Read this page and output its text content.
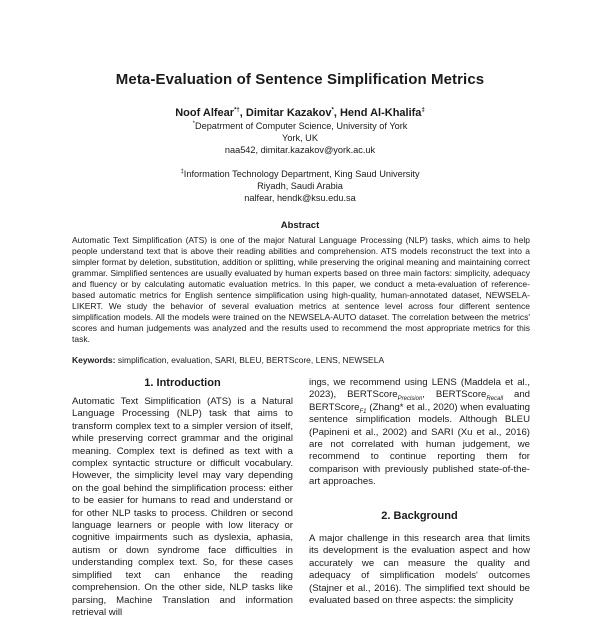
Meta-Evaluation of Sentence Simplification Metrics
Noof Alfear*†, Dimitar Kazakov*, Hend Al-Khalifa‡
*Depatrment of Computer Science, University of York
York, UK
naa542, dimitar.kazakov@york.ac.uk
‡Information Technology Department, King Saud University
Riyadh, Saudi Arabia
nalfear, hendk@ksu.edu.sa
Abstract
Automatic Text Simplification (ATS) is one of the major Natural Language Processing (NLP) tasks, which aims to help people understand text that is above their reading abilities and comprehension. ATS models reconstruct the text into a simpler format by deletion, substitution, addition or splitting, while preserving the original meaning and maintaining correct grammar. Simplified sentences are usually evaluated by human experts based on three main factors: simplicity, adequacy and fluency or by calculating automatic evaluation metrics. In this paper, we conduct a meta-evaluation of reference-based automatic metrics for English sentence simplification using high-quality, human-annotated dataset, NEWSELA-LIKERT. We study the behavior of several evaluation metrics at sentence level across four different sentence simplification models. All the models were trained on the NEWSELA-AUTO dataset. The correlation between the metrics' scores and human judgements was analyzed and the results used to recommend the most appropriate metrics for this task.
Keywords: simplification, evaluation, SARI, BLEU, BERTScore, LENS, NEWSELA
1. Introduction
Automatic Text Simplification (ATS) is a Natural Language Processing (NLP) task that aims to transform complex text to a simpler version of itself, while preserving correct grammar and the original meaning. Complex text is defined as text with a complex syntactic structure or difficult vocabulary. However, the simplicity level may vary depending on the goal behind the simplification process: either to be easier for humans to read and understand or for other NLP tasks to process. Children or second language learners or people with low literacy or cognitive impairments such as dyslexia, aphasia, autism or down syndrome face difficulties in understanding complex text. So, for these cases simplified text can enhance the reading comprehension. On the other side, NLP tasks like parsing, Machine Translation and information retrieval will

ings, we recommend using LENS (Maddela et al., 2023), BERTScore$_{Precision}$, BERTScore$_{Recall}$ and BERTScore$_{F1}$ (Zhang* et al., 2020) when evaluating sentence simplification models. Although BLEU (Papineni et al., 2002) and SARI (Xu et al., 2016) are not correlated with human judgement, we recommend to continue reporting them for comparison with previously published state-of-the-art approaches.

2. Background
A major challenge in this research area that limits its development is the evaluation aspect and how accurately we can measure the quality and adequacy of simplification models' outcomes (Stajner et al., 2016). The simplified text should be evaluated based on three aspects: the simplicity
